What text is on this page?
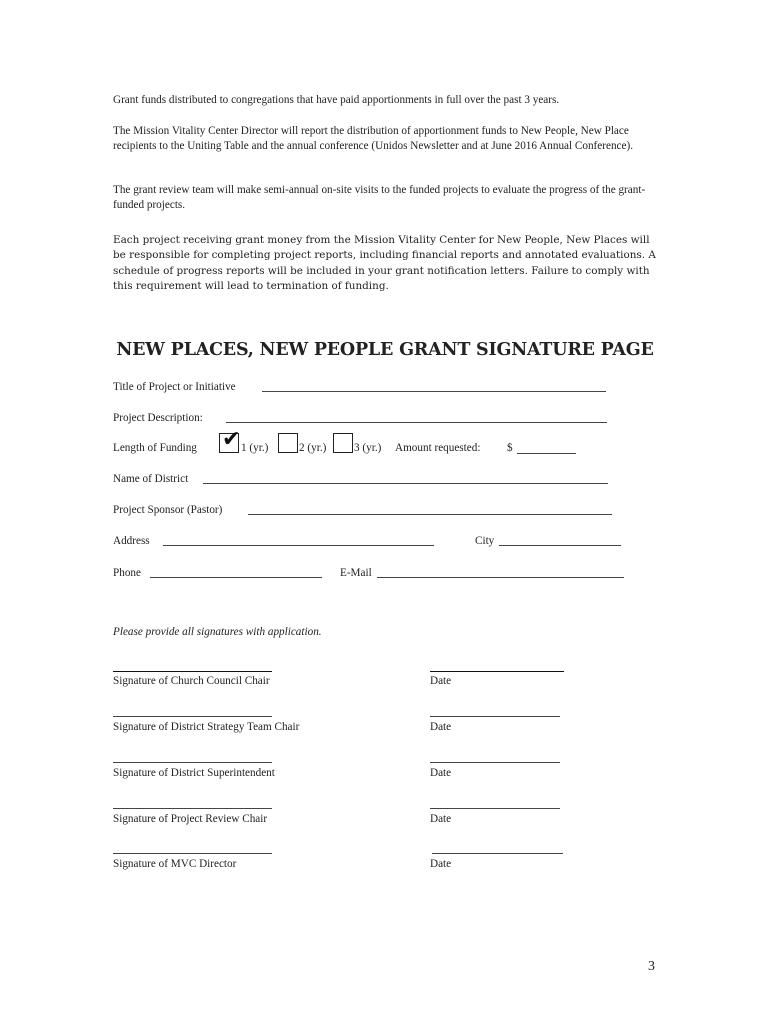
Grant funds distributed to congregations that have paid apportionments in full over the past 3 years.

The Mission Vitality Center Director will report the distribution of apportionment funds to New People, New Place recipients to the Uniting Table and the annual conference (Unidos Newsletter and at June 2016 Annual Conference).

The grant review team will make semi-annual on-site visits to the funded projects to evaluate the progress of the grant-funded projects.

Each project receiving grant money from the Mission Vitality Center for New People, New Places will be responsible for completing project reports, including financial reports and annotated evaluations. A schedule of progress reports will be included in your grant notification letters. Failure to comply with this requirement will lead to termination of funding.

NEW PLACES, NEW PEOPLE GRANT SIGNATURE PAGE
Title of Project or Initiative
Project Description:
Length of Funding ✔ 1 (yr.)	2 (yr.) 3 (yr.) Amount requested: $
Name of District
Project Sponsor (Pastor)
Address	City
Phone	E-Mail
Please provide all signatures with application.
Signature of Church Council Chair	Date
Signature of District Strategy Team Chair	Date
Signature of District Superintendent	Date
Signature of Project Review Chair	Date
Signature of MVC Director	Date
3
